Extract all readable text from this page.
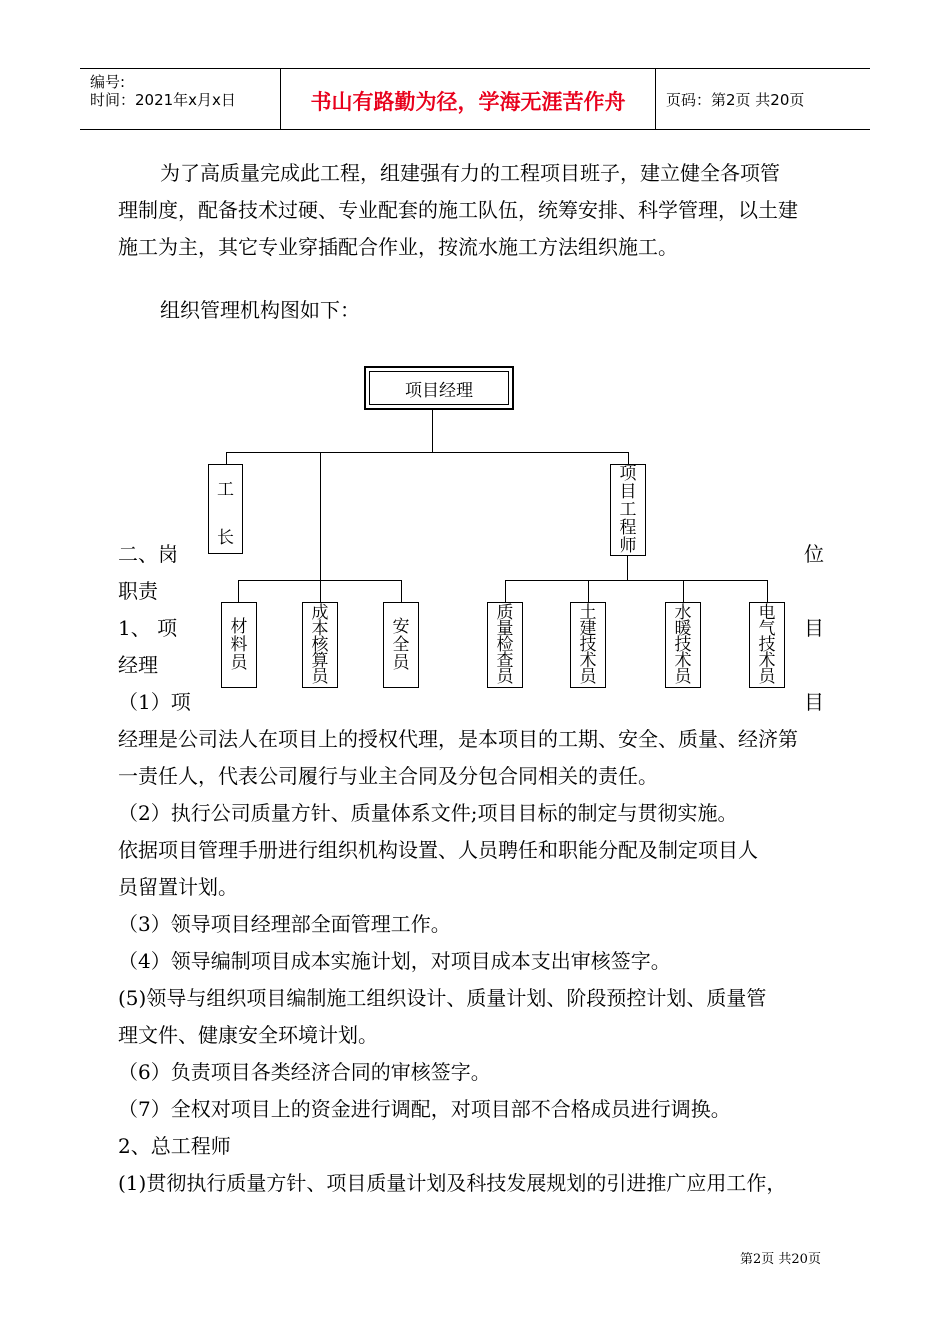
编号:
时间：2021年x月x日	书山有路勤为径，学海无涯苦作舟	页码：第2页 共20页
为了高质量完成此工程，组建强有力的工程项目班子，建立健全各项管
理制度，配备技术过硬、专业配套的施工队伍，统筹安排、科学管理，以土建
施工为主，其它专业穿插配合作业，按流水施工方法组织施工。
组织管理机构图如下：
项目经理
工
长
项
目
工
程
师
材
料
员
成
本
核
算
员
安
全
员
质
量
检
查
员
土
建
技
术
员
水
暖
技
术
员
电
气
技
术
员
二、岗	位
职责
1、 项	目
经理
（1）项	目
经理是公司法人在项目上的授权代理，是本项目的工期、安全、质量、经济第
一责任人，代表公司履行与业主合同及分包合同相关的责任。
（2）执行公司质量方针、质量体系文件;项目目标的制定与贯彻实施。
依据项目管理手册进行组织机构设置、人员聘任和职能分配及制定项目人
员留置计划。
（3）领导项目经理部全面管理工作。
（4）领导编制项目成本实施计划，对项目成本支出审核签字。
(5)领导与组织项目编制施工组织设计、质量计划、阶段预控计划、质量管
理文件、健康安全环境计划。
（6）负责项目各类经济合同的审核签字。
（7）全权对项目上的资金进行调配，对项目部不合格成员进行调换。
2、总工程师
(1)贯彻执行质量方针、项目质量计划及科技发展规划的引进推广应用工作，
第2页 共20页
